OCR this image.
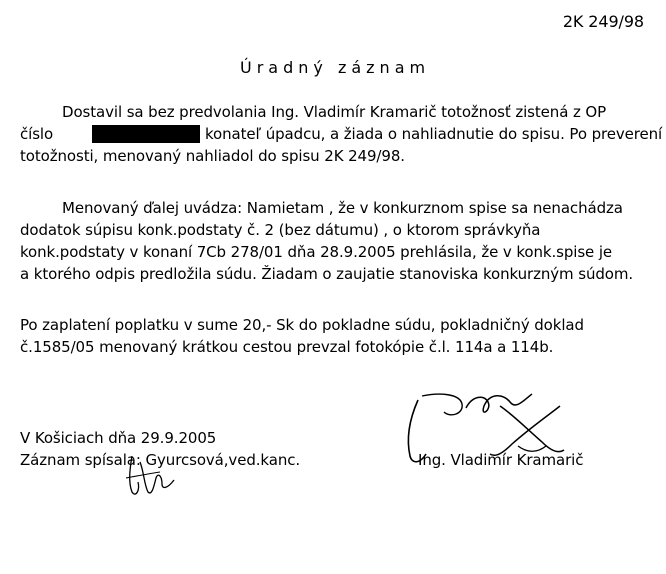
2K 249/98
Úradný záznam
Dostavil sa bez predvolania Ing. Vladimír Kramarič totožnosť zistená z OP
číslo	konateľ úpadcu, a žiada o nahliadnutie do spisu. Po preverení
totožnosti, menovaný nahliadol do spisu 2K 249/98.
Menovaný ďalej uvádza: Namietam , že v konkurznom spise sa nenachádza
dodatok súpisu konk.podstaty č. 2 (bez dátumu) , o ktorom správkyňa
konk.podstaty v konaní 7Cb 278/01 dňa 28.9.2005 prehlásila, že v konk.spise je
a ktorého odpis predložila súdu. Žiadam o zaujatie stanoviska konkurzným súdom.
Po zaplatení poplatku v sume 20,- Sk do pokladne súdu, pokladničný doklad
č.1585/05 menovaný krátkou cestou prevzal fotokópie č.l. 114a a 114b.
V Košiciach dňa 29.9.2005
Záznam spísala: Gyurcsová,ved.kanc.	Ing. Vladimír Kramarič
